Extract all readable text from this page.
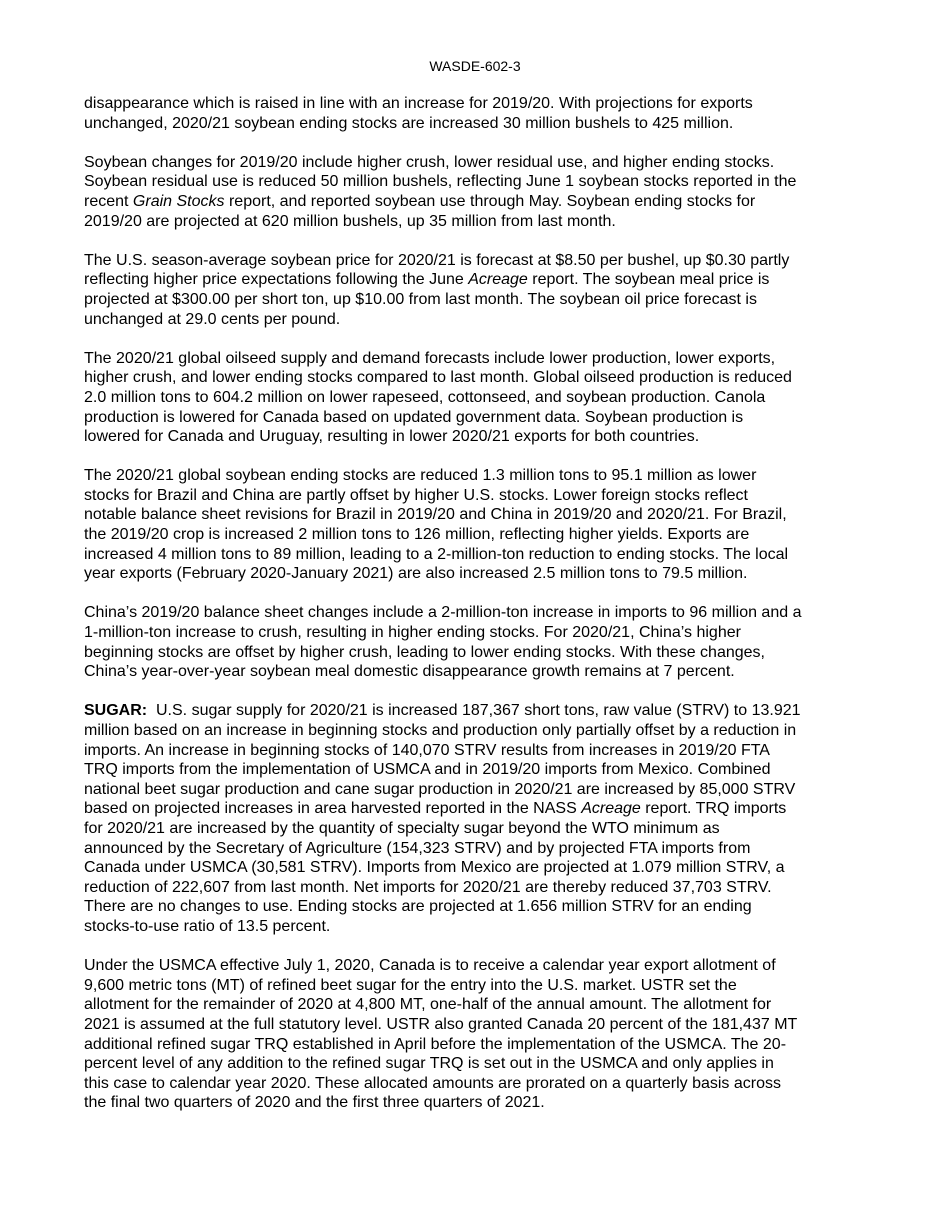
WASDE-602-3

disappearance which is raised in line with an increase for 2019/20. With projections for exports
unchanged, 2020/21 soybean ending stocks are increased 30 million bushels to 425 million.

Soybean changes for 2019/20 include higher crush, lower residual use, and higher ending stocks.
Soybean residual use is reduced 50 million bushels, reflecting June 1 soybean stocks reported in the
recent Grain Stocks report, and reported soybean use through May. Soybean ending stocks for
2019/20 are projected at 620 million bushels, up 35 million from last month.

The U.S. season-average soybean price for 2020/21 is forecast at $8.50 per bushel, up $0.30 partly
reflecting higher price expectations following the June Acreage report. The soybean meal price is
projected at $300.00 per short ton, up $10.00 from last month. The soybean oil price forecast is
unchanged at 29.0 cents per pound.

The 2020/21 global oilseed supply and demand forecasts include lower production, lower exports,
higher crush, and lower ending stocks compared to last month. Global oilseed production is reduced
2.0 million tons to 604.2 million on lower rapeseed, cottonseed, and soybean production. Canola
production is lowered for Canada based on updated government data. Soybean production is
lowered for Canada and Uruguay, resulting in lower 2020/21 exports for both countries.

The 2020/21 global soybean ending stocks are reduced 1.3 million tons to 95.1 million as lower
stocks for Brazil and China are partly offset by higher U.S. stocks. Lower foreign stocks reflect
notable balance sheet revisions for Brazil in 2019/20 and China in 2019/20 and 2020/21. For Brazil,
the 2019/20 crop is increased 2 million tons to 126 million, reflecting higher yields. Exports are
increased 4 million tons to 89 million, leading to a 2-million-ton reduction to ending stocks. The local
year exports (February 2020-January 2021) are also increased 2.5 million tons to 79.5 million.

China’s 2019/20 balance sheet changes include a 2-million-ton increase in imports to 96 million and a
1-million-ton increase to crush, resulting in higher ending stocks. For 2020/21, China’s higher
beginning stocks are offset by higher crush, leading to lower ending stocks. With these changes,
China’s year-over-year soybean meal domestic disappearance growth remains at 7 percent.

SUGAR:  U.S. sugar supply for 2020/21 is increased 187,367 short tons, raw value (STRV) to 13.921
million based on an increase in beginning stocks and production only partially offset by a reduction in
imports. An increase in beginning stocks of 140,070 STRV results from increases in 2019/20 FTA
TRQ imports from the implementation of USMCA and in 2019/20 imports from Mexico. Combined
national beet sugar production and cane sugar production in 2020/21 are increased by 85,000 STRV
based on projected increases in area harvested reported in the NASS Acreage report. TRQ imports
for 2020/21 are increased by the quantity of specialty sugar beyond the WTO minimum as
announced by the Secretary of Agriculture (154,323 STRV) and by projected FTA imports from
Canada under USMCA (30,581 STRV). Imports from Mexico are projected at 1.079 million STRV, a
reduction of 222,607 from last month. Net imports for 2020/21 are thereby reduced 37,703 STRV.
There are no changes to use. Ending stocks are projected at 1.656 million STRV for an ending
stocks-to-use ratio of 13.5 percent.

Under the USMCA effective July 1, 2020, Canada is to receive a calendar year export allotment of
9,600 metric tons (MT) of refined beet sugar for the entry into the U.S. market. USTR set the
allotment for the remainder of 2020 at 4,800 MT, one-half of the annual amount. The allotment for
2021 is assumed at the full statutory level. USTR also granted Canada 20 percent of the 181,437 MT
additional refined sugar TRQ established in April before the implementation of the USMCA. The 20-
percent level of any addition to the refined sugar TRQ is set out in the USMCA and only applies in
this case to calendar year 2020. These allocated amounts are prorated on a quarterly basis across
the final two quarters of 2020 and the first three quarters of 2021.
